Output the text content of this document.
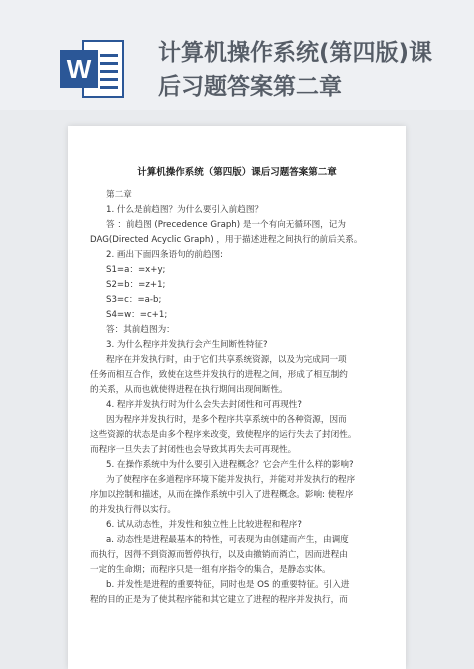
W
计算机操作系统(第四版)课
后习题答案第二章
计算机操作系统（第四版）课后习题答案第二章

第二章

1. 什么是前趋图？为什么要引入前趋图？

答 ：前趋图 (Precedence Graph) 是一个有向无循环图，记为

DAG(Directed Acyclic Graph) ，用于描述进程之间执行的前后关系。

2. 画出下面四条语句的前趋图:

S1=a：=x+y;

S2=b：=z+1;

S3=c：=a-b;

S4=w：=c+1;

答：其前趋图为：

3. 为什么程序并发执行会产生间断性特征?

程序在并发执行时，由于它们共享系统资源，以及为完成同一项

任务而相互合作，致使在这些并发执行的进程之间，形成了相互制约

的关系，从而也就使得进程在执行期间出现间断性。

4. 程序并发执行时为什么会失去封闭性和可再现性?

因为程序并发执行时，是多个程序共享系统中的各种资源，因而

这些资源的状态是由多个程序来改变，致使程序的运行失去了封闭性。

而程序一旦失去了封闭性也会导致其再失去可再现性。

5. 在操作系统中为什么要引入进程概念？它会产生什么样的影响?

为了使程序在多道程序环境下能并发执行，并能对并发执行的程序

序加以控制和描述，从而在操作系统中引入了进程概念。影响: 使程序

的并发执行得以实行。

6. 试从动态性，并发性和独立性上比较进程和程序?

a. 动态性是进程最基本的特性，可表现为由创建而产生，由调度

而执行，因得不到资源而暂停执行，以及由撤销而消亡，因而进程由

一定的生命期；而程序只是一组有序指令的集合，是静态实体。

b. 并发性是进程的重要特征，同时也是 OS 的重要特征。引入进

程的目的正是为了使其程序能和其它建立了进程的程序并发执行，而
